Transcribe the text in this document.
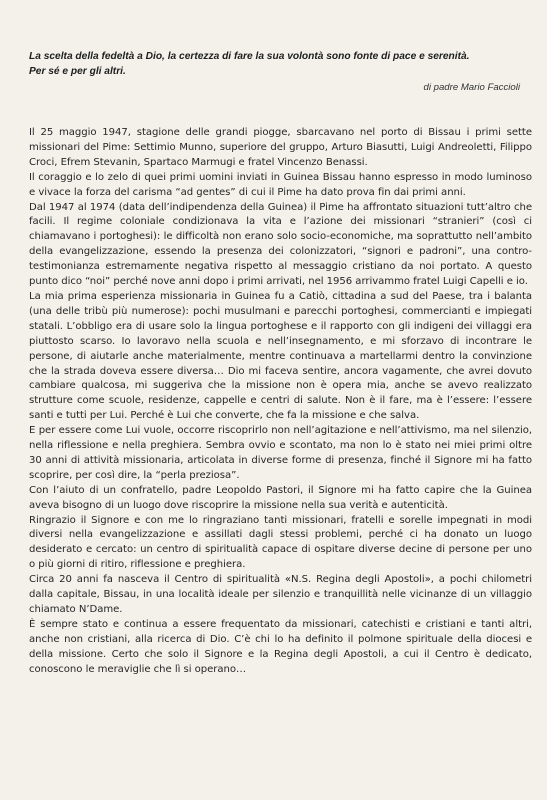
La scelta della fedeltà a Dio, la certezza di fare la sua volontà sono fonte di pace e serenità.

Per sé e per gli altri.

di padre Mario Faccioli

Il 25 maggio 1947, stagione delle grandi piogge, sbarcavano nel porto di Bissau i primi sette missionari del Pime: Settimio Munno, superiore del gruppo, Arturo Biasutti, Luigi Andreoletti, Filippo Croci, Efrem Stevanin, Spartaco Marmugi e fratel Vincenzo Benassi.

Il coraggio e lo zelo di quei primi uomini inviati in Guinea Bissau hanno espresso in modo luminoso e vivace la forza del carisma “ad gentes” di cui il Pime ha dato prova fin dai primi anni.

Dal 1947 al 1974 (data dell’indipendenza della Guinea) il Pime ha affrontato situazioni tutt’altro che facili. Il regime coloniale condizionava la vita e l’azione dei missionari “stranieri” (così ci chiamavano i portoghesi): le difficoltà non erano solo socio-economiche, ma soprattutto nell’ambito della evangelizzazione, essendo la presenza dei colonizzatori, “signori e padroni”, una contro-testimonianza estremamente negativa rispetto al messaggio cristiano da noi portato. A questo punto dico “noi” perché nove anni dopo i primi arrivati, nel 1956 arrivammo fratel Luigi Capelli e io.

La mia prima esperienza missionaria in Guinea fu a Catiò, cittadina a sud del Paese, tra i balanta (una delle tribù più numerose): pochi musulmani e parecchi portoghesi, commercianti e impiegati statali. L’obbligo era di usare solo la lingua portoghese e il rapporto con gli indigeni dei villaggi era piuttosto scarso. Io lavoravo nella scuola e nell’insegnamento, e mi sforzavo di incontrare le persone, di aiutarle anche materialmente, mentre continuava a martellarmi dentro la convinzione che la strada doveva essere diversa… Dio mi faceva sentire, ancora vagamente, che avrei dovuto cambiare qualcosa, mi suggeriva che la missione non è opera mia, anche se avevo realizzato strutture come scuole, residenze, cappelle e centri di salute. Non è il fare, ma è l’essere: l’essere santi e tutti per Lui. Perché è Lui che converte, che fa la missione e che salva.

E per essere come Lui vuole, occorre riscoprirlo non nell’agitazione e nell’attivismo, ma nel silenzio, nella riflessione e nella preghiera. Sembra ovvio e scontato, ma non lo è stato nei miei primi oltre 30 anni di attività missionaria, articolata in diverse forme di presenza, finché il Signore mi ha fatto scoprire, per così dire, la “perla preziosa”.

Con l’aiuto di un confratello, padre Leopoldo Pastori, il Signore mi ha fatto capire che la Guinea aveva bisogno di un luogo dove riscoprire la missione nella sua verità e autenticità.

Ringrazio il Signore e con me lo ringraziano tanti missionari, fratelli e sorelle impegnati in modi diversi nella evangelizzazione e assillati dagli stessi problemi, perché ci ha donato un luogo desiderato e cercato: un centro di spiritualità capace di ospitare diverse decine di persone per uno o più giorni di ritiro, riflessione e preghiera.

Circa 20 anni fa nasceva il Centro di spiritualità «N.S. Regina degli Apostoli», a pochi chilometri dalla capitale, Bissau, in una località ideale per silenzio e tranquillità nelle vicinanze di un villaggio chiamato N’Dame.

È sempre stato e continua a essere frequentato da missionari, catechisti e cristiani e tanti altri, anche non cristiani, alla ricerca di Dio. C’è chi lo ha definito il polmone spirituale della diocesi e della missione. Certo che solo il Signore e la Regina degli Apostoli, a cui il Centro è dedicato, conoscono le meraviglie che lì si operano…
